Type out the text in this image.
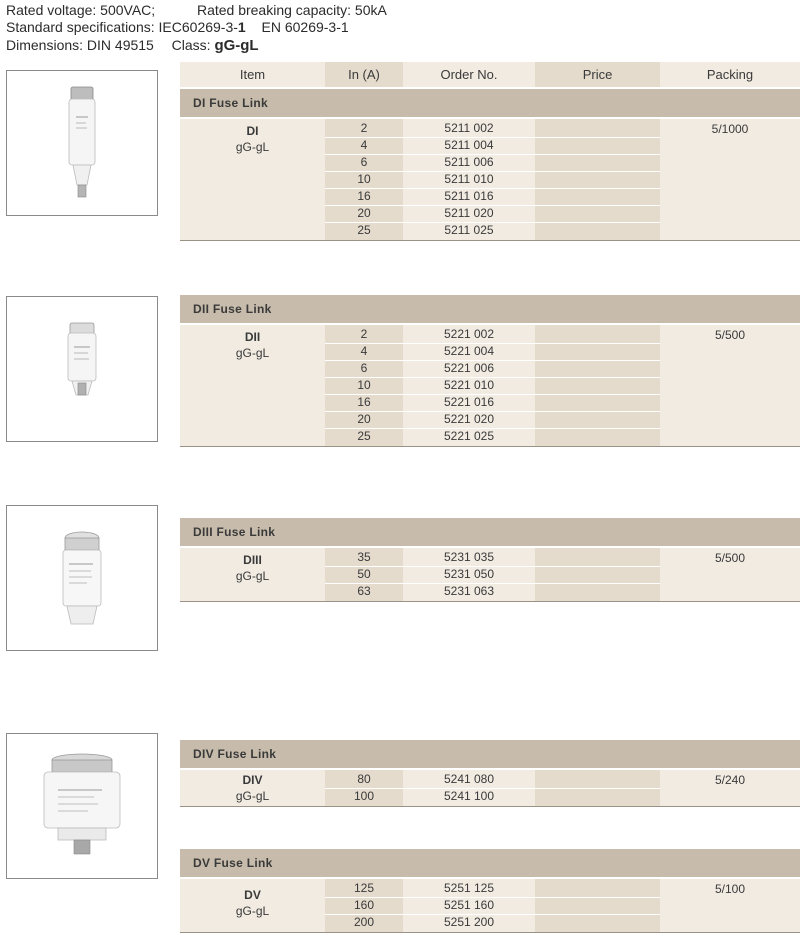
Rated voltage: 500VAC;	Rated breaking capacity: 50kA
Standard specifications: IEC60269-3-1 EN 60269-3-1
Dimensions: DIN 49515 Class: gG-gL
Item	In (A)	Order No.	Price	Packing
DI Fuse Link
DI
gG-gL
5/1000
2	5211 002
4	5211 004
6	5211 006
10	5211 010
16	5211 016
20	5211 020
25	5211 025
DII Fuse Link
DII
gG-gL
5/500
2	5221 002
4	5221 004
6	5221 006
10	5221 010
16	5221 016
20	5221 020
25	5221 025
DIII Fuse Link
DIII
gG-gL
5/500
35	5231 035
50	5231 050
63	5231 063
DIV Fuse Link
DIV
gG-gL
5/240
80	5241 080
100	5241 100
DV Fuse Link
DV
gG-gL
5/100
125	5251 125
160	5251 160
200	5251 200
